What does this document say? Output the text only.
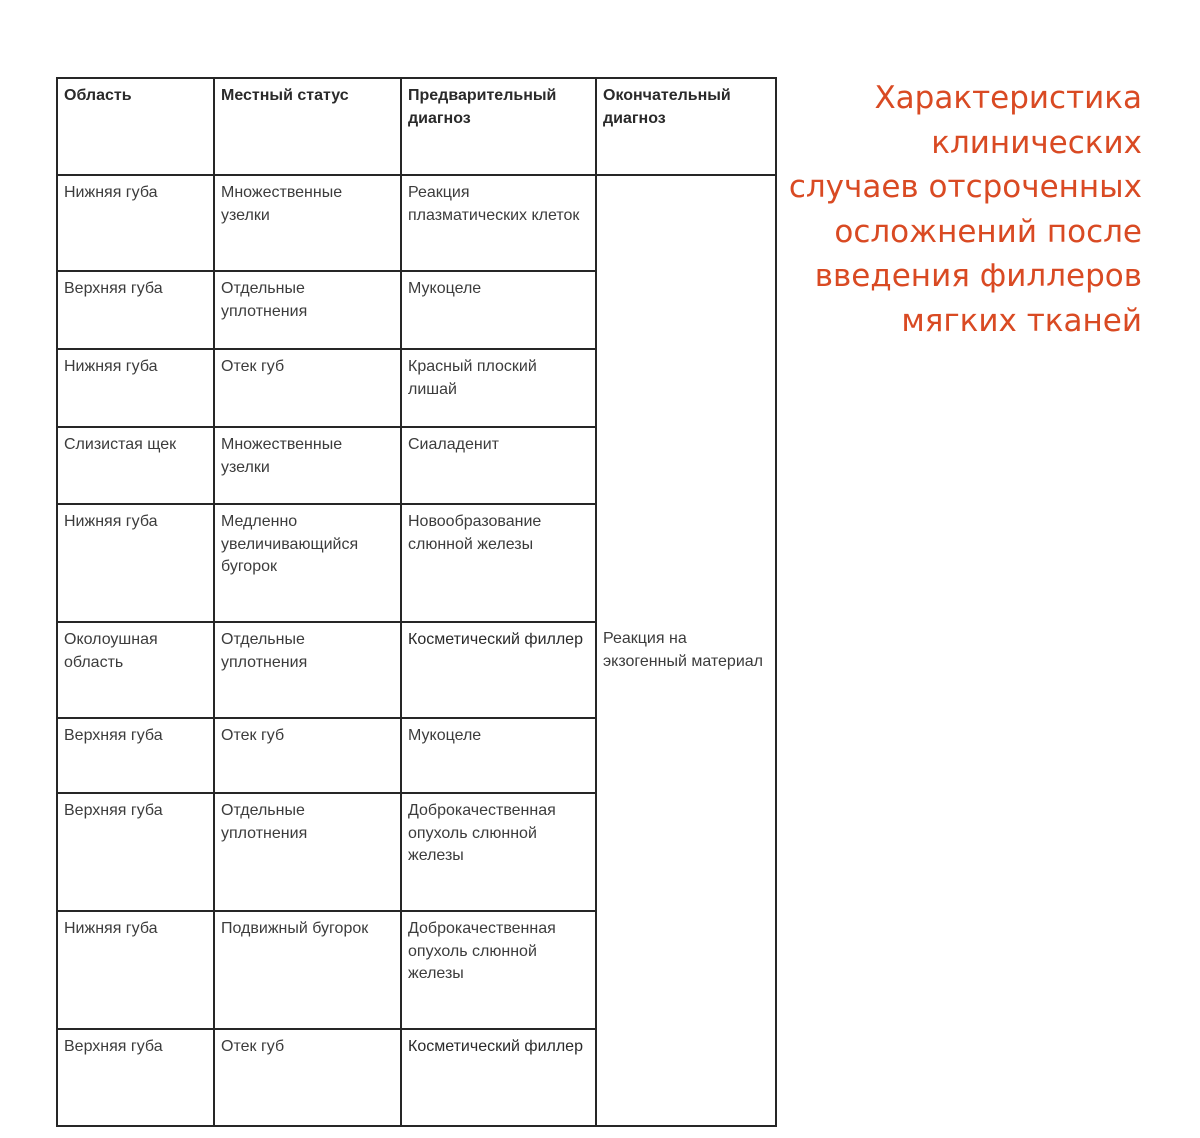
Характеристика
клинических
случаев отсроченных
осложнений после
введения филлеров
мягких тканей
Область	Местный статус	Предварительный диагноз	Окончательный диагноз
Нижняя губа	Множественные узелки	Реакция плазматических клеток	Реакция на экзогенный материал
Верхняя губа	Отдельные уплотнения	Мукоцеле	
Нижняя губа	Отек губ	Красный плоский лишай	
Слизистая щек	Множественные узелки	Сиаладенит	
Нижняя губа	Медленно увеличивающийся бугорок	Новообразование слюнной железы	
Околоушная область	Отдельные уплотнения	Косметический филлер	
Верхняя губа	Отек губ	Мукоцеле	
Верхняя губа	Отдельные уплотнения	Доброкачественная опухоль слюнной железы	
Нижняя губа	Подвижный бугорок	Доброкачественная опухоль слюнной железы	
Верхняя губа	Отек губ	Косметический филлер	
